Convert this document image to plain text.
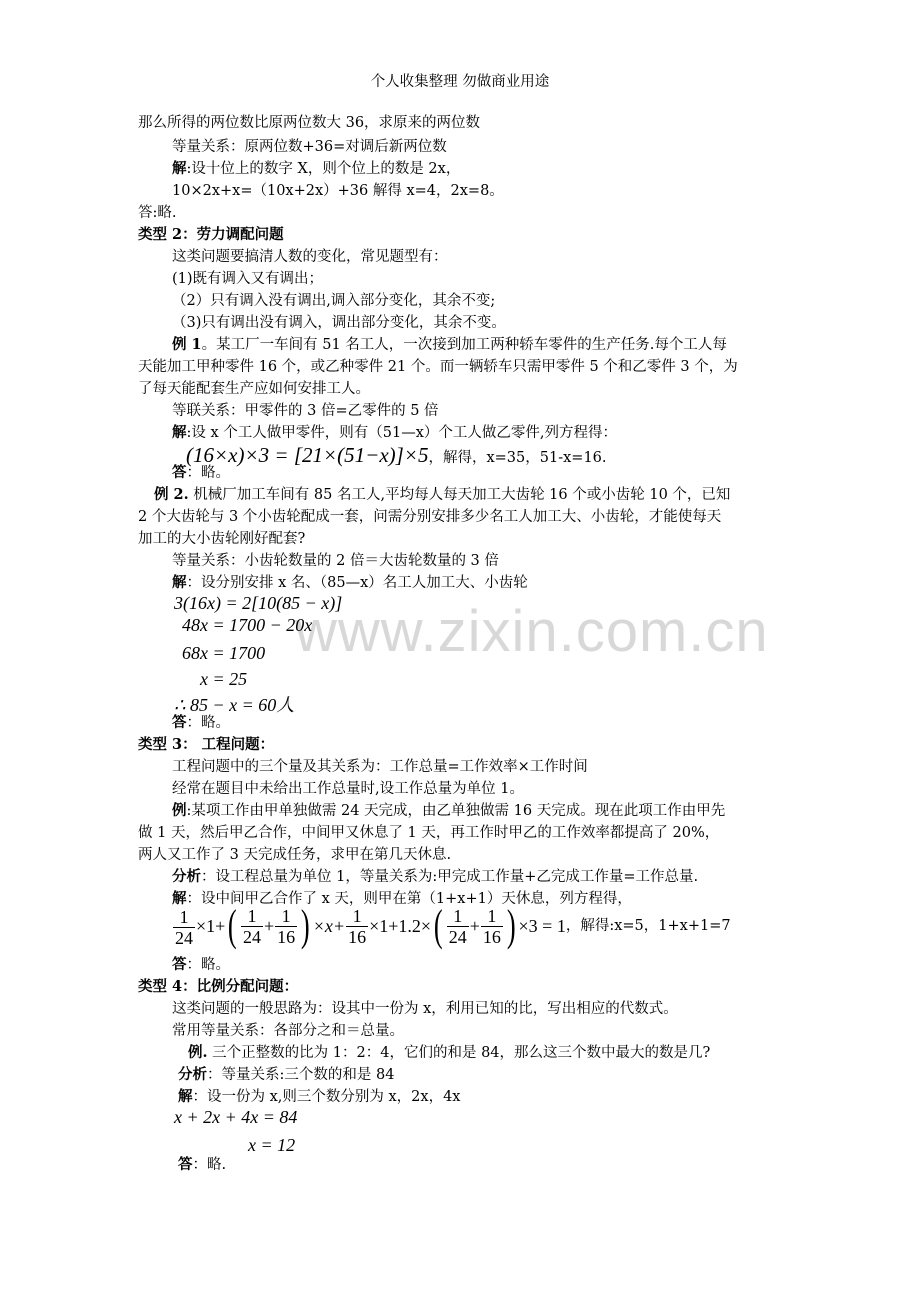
个人收集整理 勿做商业用途
www.zixin.com.cn
那么所得的两位数比原两位数大 36，求原来的两位数
等量关系：原两位数+36=对调后新两位数
解:设十位上的数字 X，则个位上的数是 2x，
10×2x+x=（10x+2x）+36 解得 x=4，2x=8。
答:略.
类型 2：劳力调配问题
这类问题要搞清人数的变化，常见题型有：
(1)既有调入又有调出；
（2）只有调入没有调出,调入部分变化，其余不变;
（3)只有调出没有调入，调出部分变化，其余不变。
例 1。某工厂一车间有 51 名工人，一次接到加工两种轿车零件的生产任务.每个工人每
天能加工甲种零件 16 个，或乙种零件 21 个。而一辆轿车只需甲零件 5 个和乙零件 3 个，为
了每天能配套生产应如何安排工人。
等联关系：甲零件的 3 倍=乙零件的 5 倍
解:设 x 个工人做甲零件，则有（51—x）个工人做乙零件,列方程得：
(16×x)×3 = [21×(51−x)]×5，解得，x=35，51-x=16.
答：略。
例 2. 机械厂加工车间有 85 名工人,平均每人每天加工大齿轮 16 个或小齿轮 10 个，已知
2 个大齿轮与 3 个小齿轮配成一套，问需分别安排多少名工人加工大、小齿轮，才能使每天
加工的大小齿轮刚好配套?
等量关系：小齿轮数量的 2 倍＝大齿轮数量的 3 倍
解：设分别安排 x 名、（85—x）名工人加工大、小齿轮
3(16x) = 2[10(85 − x)]
48x = 1700 − 20x
68x = 1700
x = 25
∴ 85 − x = 60人
答：略。
类型 3： 工程问题：
工程问题中的三个量及其关系为：工作总量=工作效率×工作时间
经常在题目中未给出工作总量时,设工作总量为单位 1。
例:某项工作由甲单独做需 24 天完成，由乙单独做需 16 天完成。现在此项工作由甲先
做 1 天，然后甲乙合作，中间甲又休息了 1 天，再工作时甲乙的工作效率都提高了 20%，
两人又工作了 3 天完成任务，求甲在第几天休息.
分析：设工程总量为单位 1，等量关系为:甲完成工作量+乙完成工作量=工作总量.
解：设中间甲乙合作了 x 天，则甲在第（1+x+1）天休息，列方程得，
$\frac{1}{24} \times 1+( \frac{1}{24} + \frac{1}{16}$ ) $\times x+ \frac{1}{16} \times 1+1.2\times( \frac{1}{24} + \frac{1}{16}$ ) ×3 = 1，解得:x=5，1+x+1=7
答：略。
类型 4：比例分配问题：
这类问题的一般思路为：设其中一份为 x，利用已知的比，写出相应的代数式。
常用等量关系：各部分之和＝总量。
例. 三个正整数的比为 1：2：4，它们的和是 84，那么这三个数中最大的数是几?
分析：等量关系:三个数的和是 84
解：设一份为 x,则三个数分别为 x，2x，4x
x + 2x + 4x = 84
x = 12
答：略.
